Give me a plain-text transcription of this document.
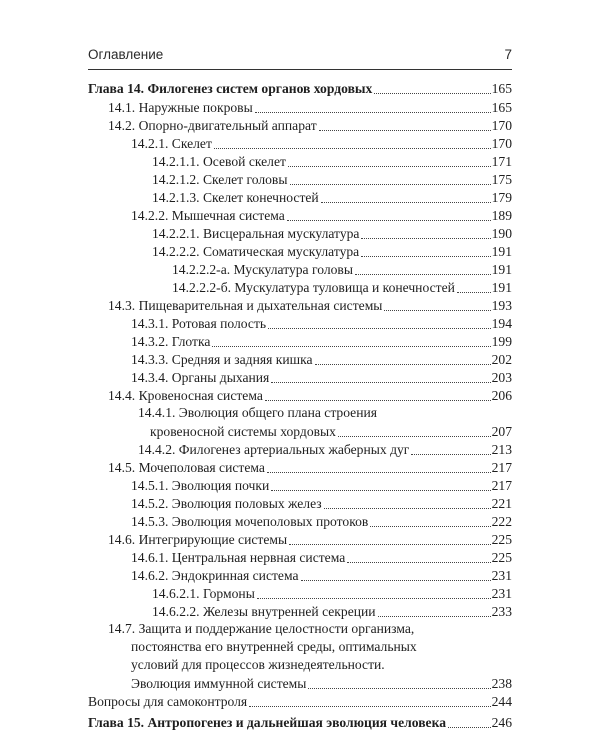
Оглавление	7
Глава 14. Филогенез систем органов хордовых	165
14.1. Наружные покровы	165
14.2. Опорно-двигательный аппарат	170
14.2.1. Скелет	170
14.2.1.1. Осевой скелет	171
14.2.1.2. Скелет головы	175
14.2.1.3. Скелет конечностей	179
14.2.2. Мышечная система	189
14.2.2.1. Висцеральная мускулатура	190
14.2.2.2. Соматическая мускулатура	191
14.2.2.2-а. Мускулатура головы	191
14.2.2.2-б. Мускулатура туловища и конечностей	191
14.3. Пищеварительная и дыхательная системы	193
14.3.1. Ротовая полость	194
14.3.2. Глотка	199
14.3.3. Средняя и задняя кишка	202
14.3.4. Органы дыхания	203
14.4. Кровеносная система	206
14.4.1. Эволюция общего плана строения
кровеносной системы хордовых	207
14.4.2. Филогенез артериальных жаберных дуг	213
14.5. Мочеполовая система	217
14.5.1. Эволюция почки	217
14.5.2. Эволюция половых желез	221
14.5.3. Эволюция мочеполовых протоков	222
14.6. Интегрирующие системы	225
14.6.1. Центральная нервная система	225
14.6.2. Эндокринная система	231
14.6.2.1. Гормоны	231
14.6.2.2. Железы внутренней секреции	233
14.7. Защита и поддержание целостности организма,
постоянства его внутренней среды, оптимальных
условий для процессов жизнедеятельности.
Эволюция иммунной системы	238
Вопросы для самоконтроля	244
Глава 15. Антропогенез и дальнейшая эволюция человека	246
